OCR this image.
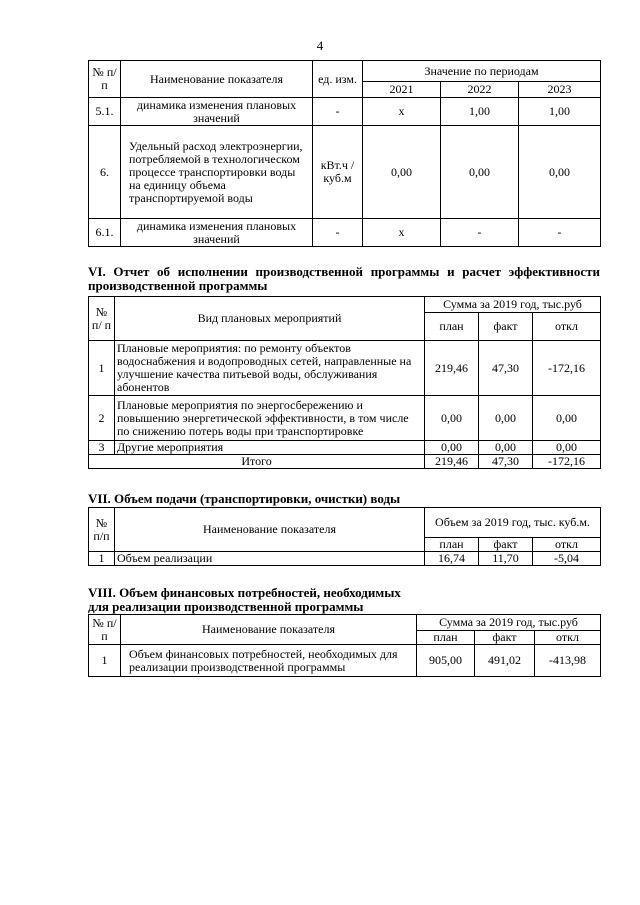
4
№ п/п	Наименование показателя	ед. изм.	Значение по периодам		
			2021	2022	2023
5.1.	динамика изменения плановых значений	-	х	1,00	1,00
6.	Удельный расход электроэнергии, потребляемой в технологическом процессе транспортировки воды на единицу объема транспортируемой воды	кВт.ч / куб.м	0,00	0,00	0,00
6.1.	динамика изменения плановых значений	-	х	-	-
VI. Отчет об исполнении производственной программы и расчет эффективности производственной программы
№ п/ п	Вид плановых мероприятий	Сумма за 2019 год, тыс.руб		
		план	факт	откл
1	Плановые мероприятия: по ремонту объектов водоснабжения и водопроводных сетей, направленные на улучшение качества питьевой воды, обслуживания абонентов	219,46	47,30	-172,16
2	Плановые мероприятия по энергосбережению и повышению энергетической эффективности, в том числе по снижению потерь воды при транспортировке	0,00	0,00	0,00
3	Другие мероприятия	0,00	0,00	0,00
Итого		219,46	47,30	-172,16
VII. Объем подачи (транспортировки, очистки) воды
№ п/п	Наименование показателя	Объем за 2019 год, тыс. куб.м.		
		план	факт	откл
1	Объем реализации	16,74	11,70	-5,04
VIII. Объем финансовых потребностей, необходимых для реализации производственной программы
№ п/п	Наименование показателя	Сумма за 2019 год, тыс.руб		
		план	факт	откл
1	Объем финансовых потребностей, необходимых для реализации производственной программы	905,00	491,02	-413,98
